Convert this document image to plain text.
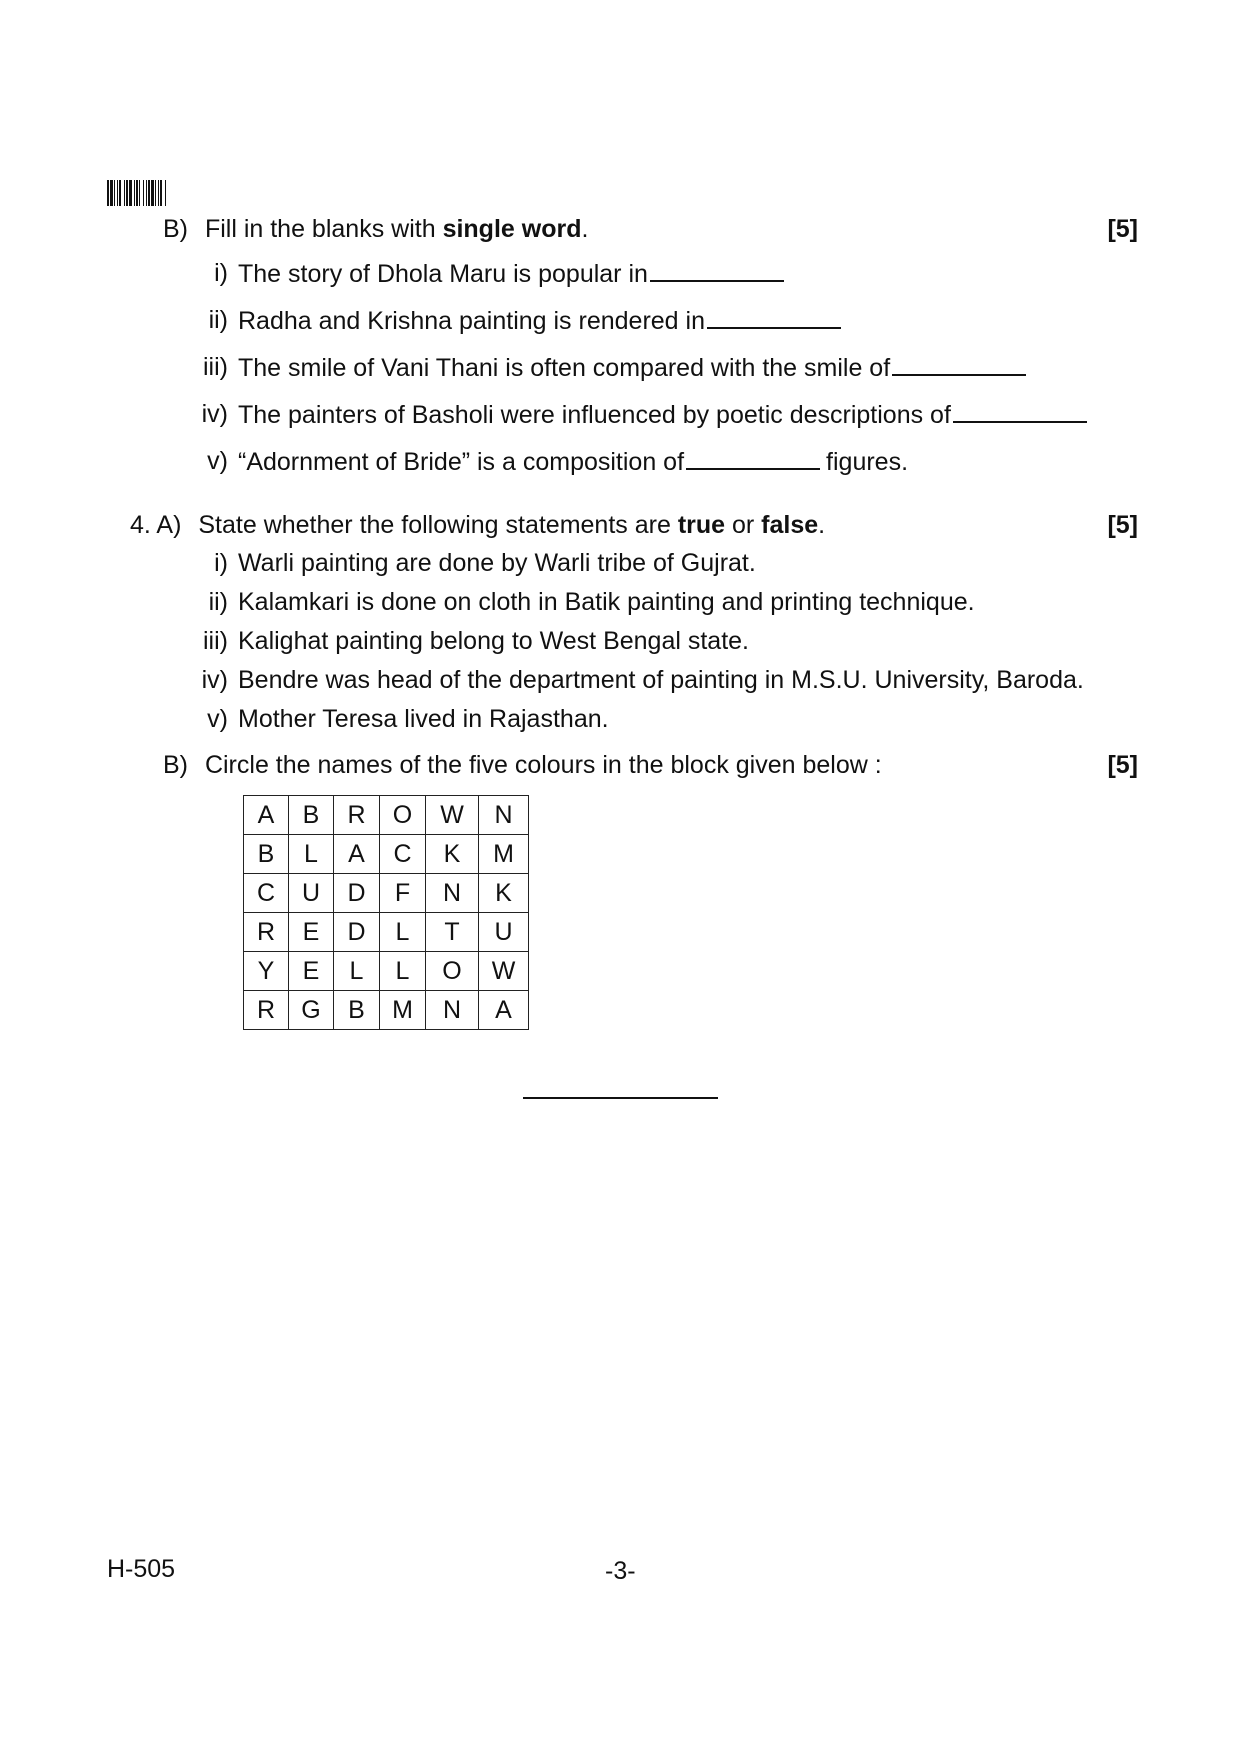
B) Fill in the blanks with single word.	[5]
i) The story of Dhola Maru is popular in
ii) Radha and Krishna painting is rendered in
iii) The smile of Vani Thani is often compared with the smile of
iv) The painters of Basholi were influenced by poetic descriptions of
v) “Adornment of Bride” is a composition of	figures.
4. A) State whether the following statements are true or false.	[5]
i) Warli painting are done by Warli tribe of Gujrat.
ii) Kalamkari is done on cloth in Batik painting and printing technique.
iii) Kalighat painting belong to West Bengal state.
iv) Bendre was head of the department of painting in M.S.U. University, Baroda.
v) Mother Teresa lived in Rajasthan.
B) Circle the names of the five colours in the block given below :	[5]
A	B	R	O	W	N
B	L	A	C	K	M
C	U	D	F	N	K
R	E	D	L	T	U
Y	E	L	L	O	W
R	G	B	M	N	A
H-505	-3-
